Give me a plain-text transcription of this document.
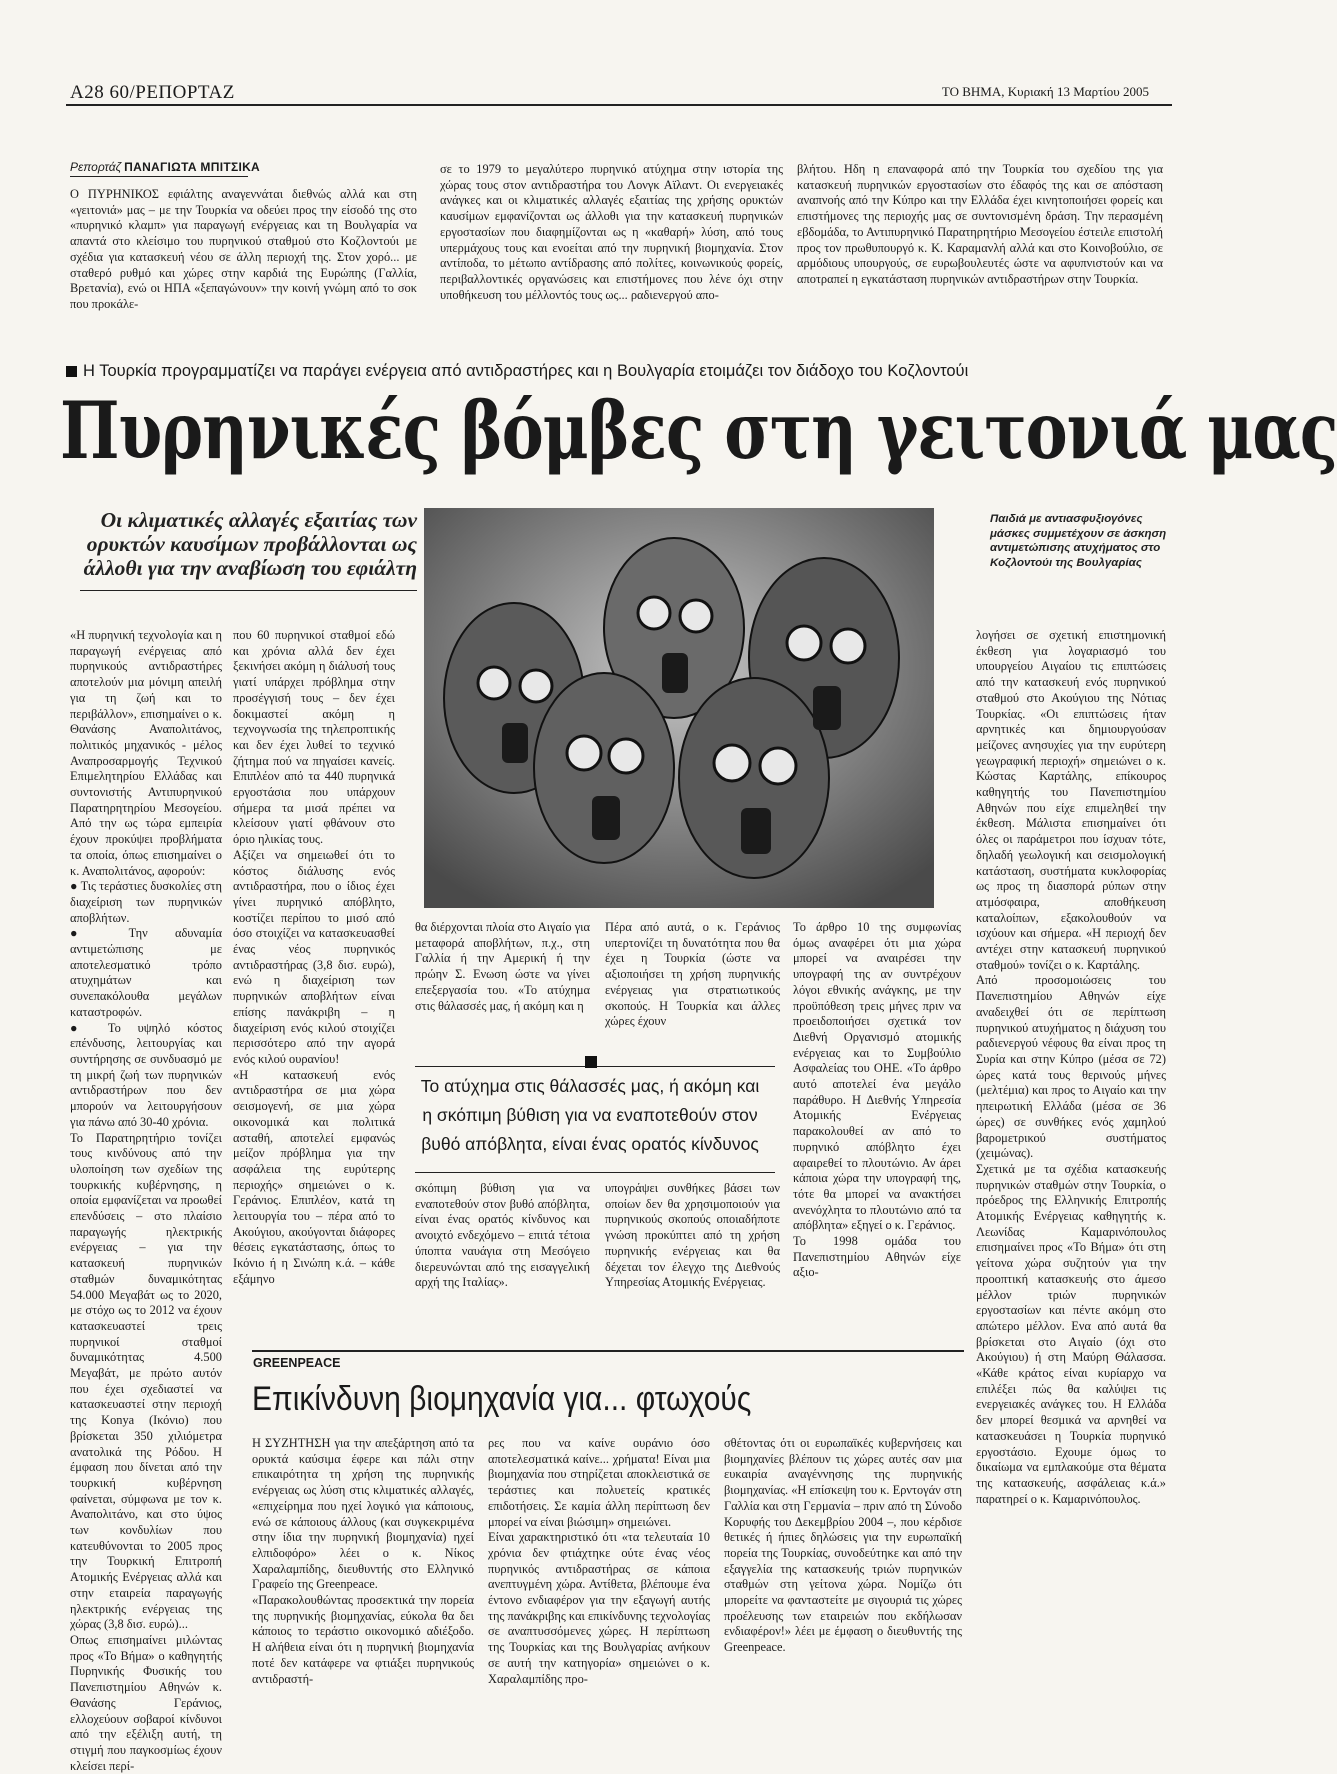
A28 60/ΡΕΠΟΡΤΑΖ	ΤΟ ΒΗΜΑ, Κυριακή 13 Μαρτίου 2005
Ρεπορτάζ ΠΑΝΑΓΙΩΤΑ ΜΠΙΤΣΙΚΑ
Ο ΠΥΡΗΝΙΚΟΣ εφιάλτης αναγεννάται διεθνώς αλλά και στη «γειτονιά» μας – με την Τουρκία να οδεύει προς την είσοδό της στο «πυρηνικό κλαμπ» για παραγωγή ενέργειας και τη Βουλγαρία να απαντά στο κλείσιμο του πυρηνικού σταθμού στο Κοζλοντούι με σχέδια για κατασκευή νέου σε άλλη περιοχή της. Στον χορό... με σταθερό ρυθμό και χώρες στην καρδιά της Ευρώπης (Γαλλία, Βρετανία), ενώ οι ΗΠΑ «ξεπαγώνουν» την κοινή γνώμη από το σοκ που προκάλε-
σε το 1979 το μεγαλύτερο πυρηνικό ατύχημα στην ιστορία της χώρας τους στον αντιδραστήρα του Λονγκ Αϊλαντ. Οι ενεργειακές ανάγκες και οι κλιματικές αλλαγές εξαιτίας της χρήσης ορυκτών καυσίμων εμφανίζονται ως άλλοθι για την κατασκευή πυρηνικών εργοστασίων που διαφημίζονται ως η «καθαρή» λύση, από τους υπερμάχους τους και ενοείται από την πυρηνική βιομηχανία. Στον αντίποδα, το μέτωπο αντίδρασης από πολίτες, κοινωνικούς φορείς, περιβαλλοντικές οργανώσεις και επιστήμονες που λένε όχι στην υποθήκευση του μέλλοντός τους ως... ραδιενεργού απο-
βλήτου. Ηδη η επαναφορά από την Τουρκία του σχεδίου της για κατασκευή πυρηνικών εργοστασίων στο έδαφός της και σε απόσταση αναπνοής από την Κύπρο και την Ελλάδα έχει κινητοποιήσει φορείς και επιστήμονες της περιοχής μας σε συντονισμένη δράση. Την περασμένη εβδομάδα, το Αντιπυρηνικό Παρατηρητήριο Μεσογείου έστειλε επιστολή προς τον πρωθυπουργό κ. Κ. Καραμανλή αλλά και στο Κοινοβούλιο, σε αρμόδιους υπουργούς, σε ευρωβουλευτές ώστε να αφυπνιστούν και να αποτραπεί η εγκατάσταση πυρηνικών αντιδραστήρων στην Τουρκία.
Η Τουρκία προγραμματίζει να παράγει ενέργεια από αντιδραστήρες και η Βουλγαρία ετοιμάζει τον διάδοχο του Κοζλοντούι
Πυρηνικές βόμβες στη γειτονιά μας
Οι κλιματικές αλλαγές εξαιτίας των ορυκτών καυσίμων προβάλλονται ως άλλοθι για την αναβίωση του εφιάλτη
Παιδιά με αντιασφυξιογόνες μάσκες συμμετέχουν σε άσκηση αντιμετώπισης ατυχήματος στο Κοζλοντούι της Βουλγαρίας
«Η πυρηνική τεχνολογία και η παραγωγή ενέργειας από πυρηνικούς αντιδραστήρες αποτελούν μια μόνιμη απειλή για τη ζωή και το περιβάλλον», επισημαίνει ο κ. Θανάσης Αναπολιτάνος, πολιτικός μηχανικός - μέλος Αναπροσαρμογής Τεχνικού Επιμελητηρίου Ελλάδας και συντονιστής Αντιπυρηνικού Παρατηρητηρίου Μεσογείου. Από την ως τώρα εμπειρία έχουν προκύψει προβλήματα τα οποία, όπως επισημαίνει ο κ. Αναπολιτάνος, αφορούν:
● Τις τεράστιες δυσκολίες στη διαχείριση των πυρηνικών αποβλήτων.
● Την αδυναμία αντιμετώπισης με αποτελεσματικό τρόπο ατυχημάτων και συνεπακόλουθα μεγάλων καταστροφών.
● Το υψηλό κόστος επένδυσης, λειτουργίας και συντήρησης σε συνδυασμό με τη μικρή ζωή των πυρηνικών αντιδραστήρων που δεν μπορούν να λειτουργήσουν για πάνω από 30-40 χρόνια.
Το Παρατηρητήριο τονίζει τους κινδύνους από την υλοποίηση των σχεδίων της τουρκικής κυβέρνησης, η οποία εμφανίζεται να προωθεί επενδύσεις – στο πλαίσιο παραγωγής ηλεκτρικής ενέργειας – για την κατασκευή πυρηνικών σταθμών δυναμικότητας 54.000 Μεγαβάτ ως το 2020, με στόχο ως το 2012 να έχουν κατασκευαστεί τρεις πυρηνικοί σταθμοί δυναμικότητας 4.500 Μεγαβάτ, με πρώτο αυτόν που έχει σχεδιαστεί να κατασκευαστεί στην περιοχή της Konya (Ικόνιο) που βρίσκεται 350 χιλιόμετρα ανατολικά της Ρόδου. Η έμφαση που δίνεται από την τουρκική κυβέρνηση φαίνεται, σύμφωνα με τον κ. Αναπολιτάνο, και στο ύψος των κονδυλίων που κατευθύνονται το 2005 προς την Τουρκική Επιτροπή Ατομικής Ενέργειας αλλά και στην εταιρεία παραγωγής ηλεκτρικής ενέργειας της χώρας (3,8 δισ. ευρώ)...
Οπως επισημαίνει μιλώντας προς «Το Βήμα» ο καθηγητής Πυρηνικής Φυσικής του Πανεπιστημίου Αθηνών κ. Θανάσης Γεράνιος, ελλοχεύουν σοβαροί κίνδυνοι από την εξέλιξη αυτή, τη στιγμή που παγκοσμίως έχουν κλείσει περί-
που 60 πυρηνικοί σταθμοί εδώ και χρόνια αλλά δεν έχει ξεκινήσει ακόμη η διάλυσή τους γιατί υπάρχει πρόβλημα στην προσέγγισή τους – δεν έχει δοκιμαστεί ακόμη η τεχνογνωσία της τηλεπροπτικής και δεν έχει λυθεί το τεχνικό ζήτημα πού να πηγαίσει κανείς. Επιπλέον από τα 440 πυρηνικά εργοστάσια που υπάρχουν σήμερα τα μισά πρέπει να κλείσουν γιατί φθάνουν στο όριο ηλικίας τους.
Αξίζει να σημειωθεί ότι το κόστος διάλυσης ενός αντιδραστήρα, που ο ίδιος έχει γίνει πυρηνικό απόβλητο, κοστίζει περίπου το μισό από όσο στοιχίζει να κατασκευασθεί ένας νέος πυρηνικός αντιδραστήρας (3,8 δισ. ευρώ), ενώ η διαχείριση των πυρηνικών αποβλήτων είναι επίσης πανάκριβη – η διαχείριση ενός κιλού στοιχίζει περισσότερο από την αγορά ενός κιλού ουρανίου!
«Η κατασκευή ενός αντιδραστήρα σε μια χώρα σεισμογενή, σε μια χώρα οικονομικά και πολιτικά ασταθή, αποτελεί εμφανώς μείζον πρόβλημα για την ασφάλεια της ευρύτερης περιοχής» σημειώνει ο κ. Γεράνιος. Επιπλέον, κατά τη λειτουργία του – πέρα από το Ακούγιου, ακούγονται διάφορες θέσεις εγκατάστασης, όπως το Ικόνιο ή η Σινώπη κ.ά. – κάθε εξάμηνο
θα διέρχονται πλοία στο Αιγαίο για μεταφορά αποβλήτων, π.χ., στη Γαλλία ή την Αμερική ή την πρώην Σ. Ενωση ώστε να γίνει επεξεργασία του. «Το ατύχημα στις θάλασσές μας, ή ακόμη και η
Πέρα από αυτά, ο κ. Γεράνιος υπερτονίζει τη δυνατότητα που θα έχει η Τουρκία (ώστε να αξιοποιήσει τη χρήση πυρηνικής ενέργειας για στρατιωτικούς σκοπούς. Η Τουρκία και άλλες χώρες έχουν
Το άρθρο 10 της συμφωνίας όμως αναφέρει ότι μια χώρα μπορεί να αναιρέσει την υπογραφή της αν συντρέχουν λόγοι εθνικής ανάγκης, με την προϋπόθεση τρεις μήνες πριν να προειδοποιήσει σχετικά τον Διεθνή Οργανισμό ατομικής ενέργειας και το Συμβούλιο Ασφαλείας του ΟΗΕ. «Το άρθρο αυτό αποτελεί ένα μεγάλο παράθυρο. Η Διεθνής Υπηρεσία Ατομικής Ενέργειας παρακολουθεί αν από το πυρηνικό απόβλητο έχει αφαιρεθεί το πλουτώνιο. Αν άρει κάποια χώρα την υπογραφή της, τότε θα μπορεί να ανακτήσει ανενόχλητα το πλουτώνιο από τα απόβλητα» εξηγεί ο κ. Γεράνιος.
Το 1998 ομάδα του Πανεπιστημίου Αθηνών είχε αξιο-
λογήσει σε σχετική επιστημονική έκθεση για λογαριασμό του υπουργείου Αιγαίου τις επιπτώσεις από την κατασκευή ενός πυρηνικού σταθμού στο Ακούγιου της Νότιας Τουρκίας. «Οι επιπτώσεις ήταν αρνητικές και δημιουργούσαν μείζονες ανησυχίες για την ευρύτερη γεωγραφική περιοχή» σημειώνει ο κ. Κώστας Καρτάλης, επίκουρος καθηγητής του Πανεπιστημίου Αθηνών που είχε επιμεληθεί την έκθεση. Μάλιστα επισημαίνει ότι όλες οι παράμετροι που ίσχυαν τότε, δηλαδή γεωλογική και σεισμολογική κατάσταση, συστήματα κυκλοφορίας ως προς τη διασπορά ρύπων στην ατμόσφαιρα, αποθήκευση καταλοίπων, εξακολουθούν να ισχύουν και σήμερα. «Η περιοχή δεν αντέχει στην κατασκευή πυρηνικού σταθμού» τονίζει ο κ. Καρτάλης.
Από προσομοιώσεις του Πανεπιστημίου Αθηνών είχε αναδειχθεί ότι σε περίπτωση πυρηνικού ατυχήματος η διάχυση του ραδιενεργού νέφους θα είναι προς τη Συρία και στην Κύπρο (μέσα σε 72) ώρες κατά τους θερινούς μήνες (μελτέμια) και προς το Αιγαίο και την ηπειρωτική Ελλάδα (μέσα σε 36 ώρες) σε συνθήκες ενός χαμηλού βαρομετρικού συστήματος (χειμώνας).
Σχετικά με τα σχέδια κατασκευής πυρηνικών σταθμών στην Τουρκία, ο πρόεδρος της Ελληνικής Επιτροπής Ατομικής Ενέργειας καθηγητής κ. Λεωνίδας Καμαρινόπουλος επισημαίνει προς «Το Βήμα» ότι στη γείτονα χώρα συζητούν για την προοπτική κατασκευής στο άμεσο μέλλον τριών πυρηνικών εργοστασίων και πέντε ακόμη στο απώτερο μέλλον. Ενα από αυτά θα βρίσκεται στο Αιγαίο (όχι στο Ακούγιου) ή στη Μαύρη Θάλασσα. «Κάθε κράτος είναι κυρίαρχο να επιλέξει πώς θα καλύψει τις ενεργειακές ανάγκες του. Η Ελλάδα δεν μπορεί θεσμικά να αρνηθεί να κατασκευάσει η Τουρκία πυρηνικό εργοστάσιο. Εχουμε όμως το δικαίωμα να εμπλακούμε στα θέματα της κατασκευής, ασφάλειας κ.ά.» παρατηρεί ο κ. Καμαρινόπουλος.
σκόπιμη βύθιση για να εναποτεθούν στον βυθό απόβλητα, είναι ένας ορατός κίνδυνος και ανοιχτό ενδεχόμενο – επιτά τέτοια ύποπτα ναυάγια στη Μεσόγειο διερευνώνται από της εισαγγελική αρχή της Ιταλίας».
υπογράψει συνθήκες βάσει των οποίων δεν θα χρησιμοποιούν για πυρηνικούς σκοπούς οποιαδήποτε γνώση προκύπτει από τη χρήση πυρηνικής ενέργειας και θα δέχεται τον έλεγχο της Διεθνούς Υπηρεσίας Ατομικής Ενέργειας.
Το ατύχημα στις θάλασσές μας, ή ακόμη και η σκόπιμη βύθιση για να εναποτεθούν στον βυθό απόβλητα, είναι ένας ορατός κίνδυνος
GREENPEACE
Επικίνδυνη βιομηχανία για... φτωχούς
Η ΣΥΖΗΤΗΣΗ για την απεξάρτηση από τα ορυκτά καύσιμα έφερε και πάλι στην επικαιρότητα τη χρήση της πυρηνικής ενέργειας ως λύση στις κλιματικές αλλαγές, «επιχείρημα που ηχεί λογικό για κάποιους, ενώ σε κάποιους άλλους (και συγκεκριμένα στην ίδια την πυρηνική βιομηχανία) ηχεί ελπιδοφόρο» λέει ο κ. Νίκος Χαραλαμπίδης, διευθυντής στο Ελληνικό Γραφείο της Greenpeace.
«Παρακολουθώντας προσεκτικά την πορεία της πυρηνικής βιομηχανίας, εύκολα θα δει κάποιος το τεράστιο οικονομικό αδιέξοδο. Η αλήθεια είναι ότι η πυρηνική βιομηχανία ποτέ δεν κατάφερε να φτιάξει πυρηνικούς αντιδραστή-
ρες που να καίνε ουράνιο όσο αποτελεσματικά καίνε... χρήματα! Είναι μια βιομηχανία που στηρίζεται αποκλειστικά σε τεράστιες και πολυετείς κρατικές επιδοτήσεις. Σε καμία άλλη περίπτωση δεν μπορεί να είναι βιώσιμη» σημειώνει.
Είναι χαρακτηριστικό ότι «τα τελευταία 10 χρόνια δεν φτιάχτηκε ούτε ένας νέος πυρηνικός αντιδραστήρας σε κάποια ανεπτυγμένη χώρα. Αντίθετα, βλέπουμε ένα έντονο ενδιαφέρον για την εξαγωγή αυτής της πανάκριβης και επικίνδυνης τεχνολογίας σε αναπτυσσόμενες χώρες. Η περίπτωση της Τουρκίας και της Βουλγαρίας ανήκουν σε αυτή την κατηγορία» σημειώνει ο κ. Χαραλαμπίδης προ-
σθέτοντας ότι οι ευρωπαϊκές κυβερνήσεις και βιομηχανίες βλέπουν τις χώρες αυτές σαν μια ευκαιρία αναγέννησης της πυρηνικής βιομηχανίας. «Η επίσκεψη του κ. Ερντογάν στη Γαλλία και στη Γερμανία – πριν από τη Σύνοδο Κορυφής του Δεκεμβρίου 2004 –, που κέρδισε θετικές ή ήπιες δηλώσεις για την ευρωπαϊκή πορεία της Τουρκίας, συνοδεύτηκε και από την εξαγγελία της κατασκευής τριών πυρηνικών σταθμών στη γείτονα χώρα. Νομίζω ότι μπορείτε να φανταστείτε με σιγουριά τις χώρες προέλευσης των εταιρειών που εκδήλωσαν ενδιαφέρον!» λέει με έμφαση ο διευθυντής της Greenpeace.
